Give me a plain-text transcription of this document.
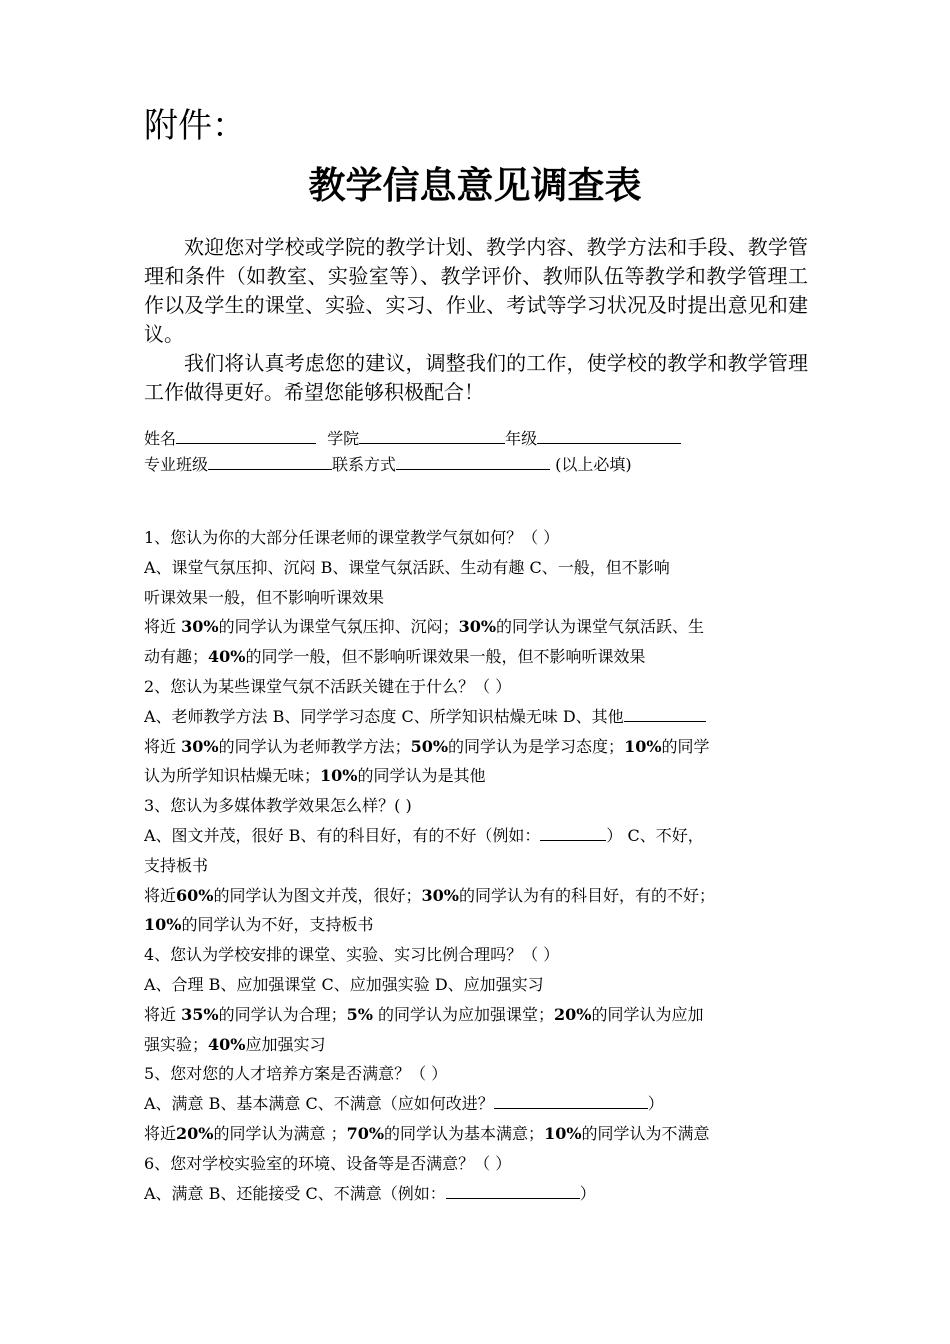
附件：
教学信息意见调查表

欢迎您对学校或学院的教学计划、教学内容、教学方法和手段、教学管理和条件（如教室、实验室等）、教学评价、教师队伍等教学和教学管理工作以及学生的课堂、实验、实习、作业、考试等学习状况及时提出意见和建议。

我们将认真考虑您的建议，调整我们的工作，使学校的教学和教学管理工作做得更好。希望您能够积极配合！

姓名	学院	年级
专业班级	联系方式	(以上必填)
1、您认为你的大部分任课老师的课堂教学气氛如何？（ ）
A、课堂气氛压抑、沉闷 B、课堂气氛活跃、生动有趣 C、一般，但不影响
听课效果一般，但不影响听课效果
将近 30%的同学认为课堂气氛压抑、沉闷；30%的同学认为课堂气氛活跃、生
动有趣；40%的同学一般，但不影响听课效果一般，但不影响听课效果
2、您认为某些课堂气氛不活跃关键在于什么？（ ）
A、老师教学方法 B、同学学习态度 C、所学知识枯燥无味 D、其他
将近 30%的同学认为老师教学方法；50%的同学认为是学习态度；10%的同学
认为所学知识枯燥无味；10%的同学认为是其他
3、您认为多媒体教学效果怎么样？( )
A、图文并茂，很好 B、有的科目好，有的不好（例如：	） C、不好，
支持板书
将近60%的同学认为图文并茂，很好；30%的同学认为有的科目好，有的不好；
10%的同学认为不好，支持板书
4、您认为学校安排的课堂、实验、实习比例合理吗？（ ）
A、合理 B、应加强课堂 C、应加强实验 D、应加强实习
将近 35%的同学认为合理；5% 的同学认为应加强课堂；20%的同学认为应加
强实验；40%应加强实习
5、您对您的人才培养方案是否满意？（ ）
A、满意 B、基本满意 C、不满意（应如何改进？	）
将近20%的同学认为满意 ；70%的同学认为基本满意；10%的同学认为不满意
6、您对学校实验室的环境、设备等是否满意？（ ）
A、满意 B、还能接受 C、不满意（例如：	）
